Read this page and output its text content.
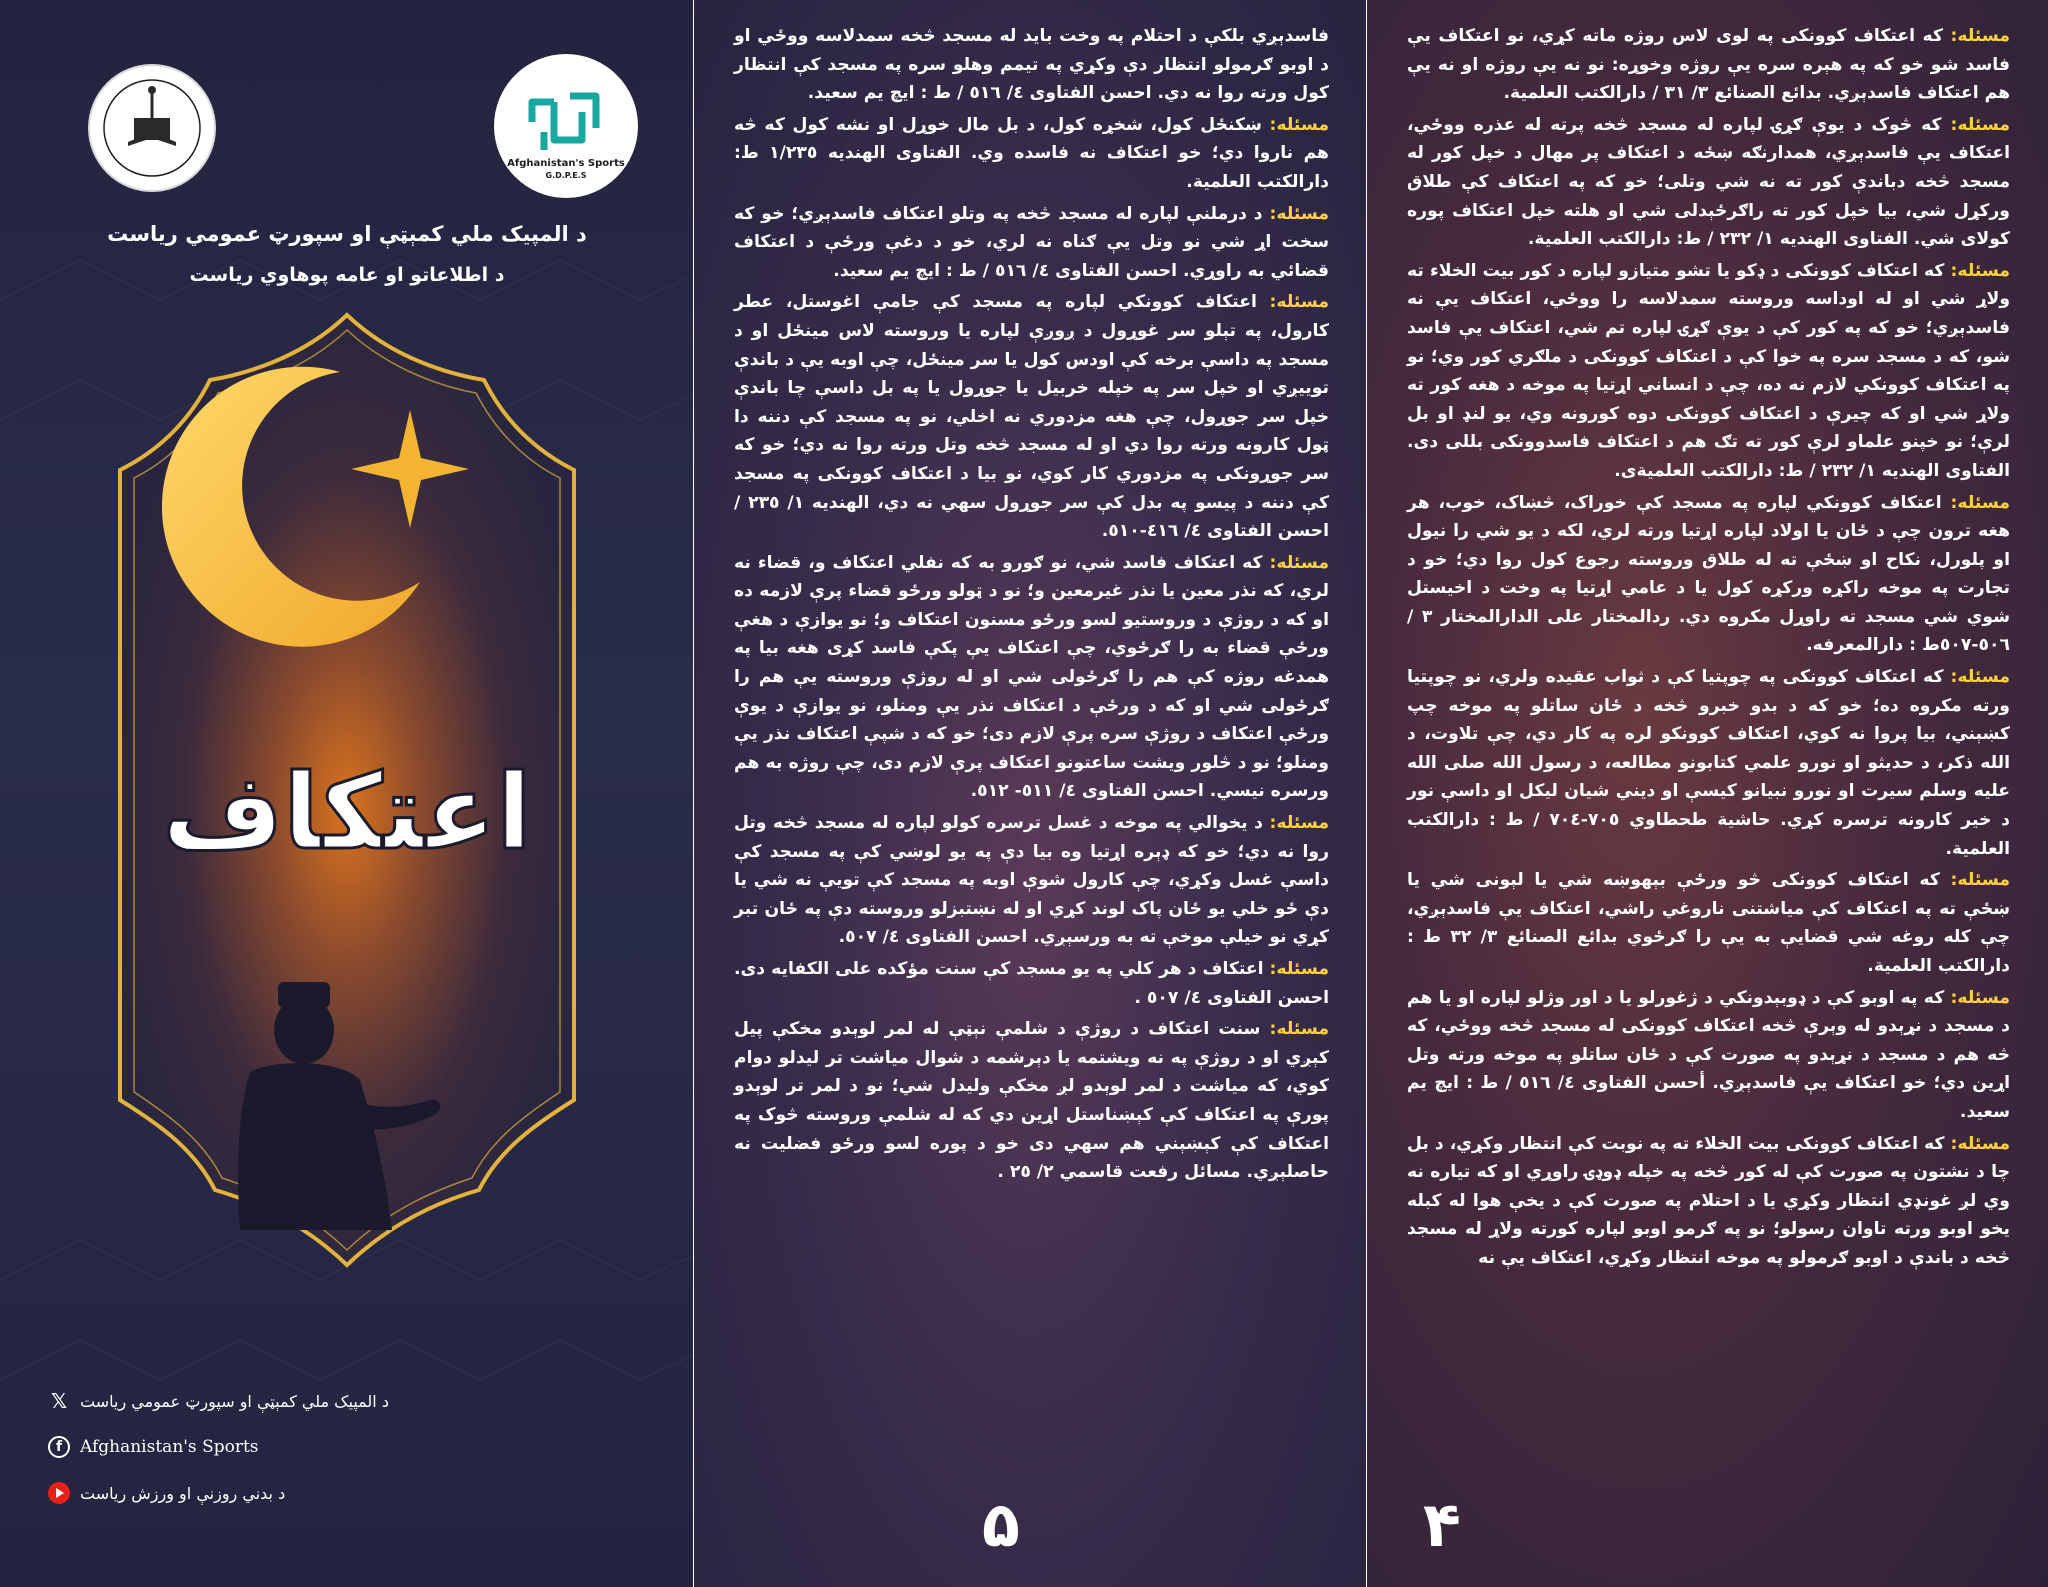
Afghanistan's Sports
G.D.P.E.S
د المپیک ملي کمېټې او سپورټ عمومي رياست
د اطلاعاتو او عامه پوهاوي رياست
اعتکاف
𝕏 د المپیک ملي کمېټې او سپورټ عمومي رياست
f	Afghanistan's Sports
د بدني روزنې او ورزش رياست

فاسدېږي بلکې د احتلام په وخت باید له مسجد څخه سمدلاسه ووځي او د اوبو ګرمولو انتظار دې وکړي په تیمم وهلو سره په مسجد کې انتظار کول ورته روا نه دي. احسن الفتاوی ٤/ ٥١٦ / ط : ایچ یم سعید.

مسئله: ښکنځل کول، شخړه کول، د بل مال خوړل او نشه کول که څه هم ناروا دي؛ خو اعتکاف نه فاسده وي. الفتاوی الهندیه ١/٢٣٥ ط: دارالکتب العلمیة.

مسئله: د درملنې لپاره له مسجد څخه په وتلو اعتکاف فاسدېږي؛ خو که سخت اړ شي نو وتل یې ګناه نه لري، خو د دغې ورځې د اعتکاف قضائي به راوړي. احسن الفتاوی ٤/ ٥١٦ / ط : ایچ یم سعید.

مسئله: اعتکاف کوونکي لپاره په مسجد کې جامې اغوستل، عطر کارول، په تېلو سر غوړول د ږوږې لپاره یا وروسته لاس مینځل او د مسجد په داسې برخه کې اودس کول یا سر مینځل، چې اوبه یې د باندې تويیږي او خپل سر په خپله خربیل یا جوړول یا په بل داسې چا باندې خپل سر جوړول، چې هغه مزدوري نه اخلي، نو په مسجد کې دننه دا ټول کارونه ورته روا دي او له مسجد څخه وتل ورته روا نه دي؛ خو که سر جوړونکی په مزدوري کار کوي، نو بیا د اعتکاف کوونکی په مسجد کې دننه د پیسو په بدل کې سر جوړول سهي نه دي، الهندیه ١/ ٢٣٥ / احسن الفتاوی ٤/ ٤١٦-٥١٠.

مسئله: که اعتکاف فاسد شي، نو ګورو به که نفلي اعتکاف و، قضاء نه لري، که نذر معین یا نذر غیرمعین و؛ نو د ټولو ورځو قضاء پرې لازمه ده او که د روژې د وروستیو لسو ورځو مسنون اعتکاف و؛ نو یوازې د هغې ورځې قضاء به را ګرځوي، چې اعتکاف یې پکې فاسد کړی هغه بیا په همدغه روژه کې هم را ګرځولی شي او له روژې وروسته یې هم را ګرځولی شي او که د ورځې د اعتکاف نذر یې ومنلو، نو یوازې د یوې ورځې اعتکاف د روژې سره پرې لازم دی؛ خو که د شپې اعتکاف نذر یې ومنلو؛ نو د څلور ویشت ساعتونو اعتکاف پرې لازم دی، چې روژه به هم ورسره نیسي. احسن الفتاوی ٤/ ٥١١- ٥١٢.

مسئله: د یخوالي په موخه د غسل ترسره کولو لپاره له مسجد څخه وتل روا نه دي؛ خو که ډېره اړتیا وه بیا دې په یو لوښي کې په مسجد کې داسې غسل وکړي، چې کارول شوې اوبه په مسجد کې تويې نه شي یا دې ځو خلي یو ځان پاک لوند کړي او له نښتبزلو وروسته دې په ځان تبر کړي نو خیلې موخې ته به ورسېږي. احسن الفتاوی ٤/ ٥٠٧.

مسئله: اعتکاف د هر کلي په یو مسجد کې سنت مؤکده علی الکفایه دی. احسن الفتاوی ٤/ ٥٠٧ .

مسئله: سنت اعتکاف د روژې د شلمې نېټې له لمر لوېدو مخکې پیل کېږي او د روژې په نه ویشتمه یا دېرشمه د شوال میاشت تر لیدلو دوام کوي، که میاشت د لمر لوېدو لږ مخکې ولیدل شي؛ نو د لمر تر لوېدو پورې په اعتکاف کې کېښناستل اړین دي که له شلمې وروسته څوک په اعتکاف کې کېښېني هم سهي دی خو د پوره لسو ورځو فضلیت نه حاصلېږي. مسائل رفعت قاسمي ٢/ ٢٥ .

۵

مسئله: که اعتکاف کوونکی په لوی لاس روژه ماته کړي، نو اعتکاف یې فاسد شو خو که په هېره سره یې روژه وخوړه: نو نه یې روژه او نه یې هم اعتکاف فاسدېږي. بدائع الصنائع ٣/ ٣١ / دارالکتب العلمیة.

مسئله: که څوک د یوې ګړۍ لپاره له مسجد څخه پرته له عذره ووځي، اعتکاف یې فاسدېږي، همدارنګه ښځه د اعتکاف پر مهال د خپل کور له مسجد څخه دباندې کور ته نه شي وتلی؛ خو که په اعتکاف کې طلاق ورکړل شي، بیا خپل کور ته راګرځېدلی شي او هلته خپل اعتکاف پوره کولای شي. الفتاوی الهندیه ١/ ٢٣٢ / ط: دارالکتب العلمیة.

مسئله: که اعتکاف کوونکی د ډکو یا تشو متیازو لپاره د کور بیت الخلاء ته ولاړ شي او له اوداسه وروسته سمدلاسه را ووځي، اعتکاف یې نه فاسدېږي؛ خو که په کور کې د یوې ګړۍ لپاره تم شي، اعتکاف یې فاسد شو، که د مسجد سره په خوا کې د اعتکاف کوونکی د ملګري کور وي؛ نو په اعتکاف کوونکي لازم نه ده، چې د انساني اړتیا په موخه د هغه کور ته ولاړ شي او که چیرې د اعتکاف کوونکی دوه کورونه وي، یو لنډ او بل لرې؛ نو خپنو علماو لرې کور ته تګ هم د اعتکاف فاسدوونکی بللی دی. الفتاوی الهندیه ١/ ٢٣٢ / ط: دارالکتب العلمیةی.

مسئله: اعتکاف کوونکي لپاره په مسجد کې خوراک، څښاک، خوب، هر هغه ترون چې د ځان یا اولاد لپاره اړتیا ورته لري، لکه د یو شي را نیول او پلورل، نکاح او ښځې ته له طلاق وروسته رجوع کول روا دي؛ خو د تجارت په موخه راکړه ورکړه کول یا د عامي اړتیا په وخت د اخیستل شوي شي مسجد ته راوړل مکروه دي. ردالمختار علی الدارالمختار ٣ / ٥٠٦-٥٠٧ط : دارالمعرفه.

مسئله: که اعتکاف کوونکی په چوپتیا کې د ثواب عقیده ولري، نو چوپتیا ورته مکروه ده؛ خو که د بدو خبرو څخه د ځان ساتلو په موخه چپ کښېني، بیا پروا نه کوي، اعتکاف کوونکو لره په کار دي، چې تلاوت، د الله ذکر، د حدیثو او نورو علمي کتابونو مطالعه، د رسول الله صلی الله علیه وسلم سیرت او نورو نبیانو کیسې او دیني شیان لیکل او داسې نور د خیر کارونه ترسره کړي. حاشیة طحطاوي ٧٠٥-٧٠٤ / ط : دارالکتب العلمیة.

مسئله: که اعتکاف کوونکی څو ورځې بېهوښه شي یا لېونی شي یا ښځې ته په اعتکاف کې میاشتنی ناروغي راشي، اعتکاف یې فاسدېږي، چې کله روغه شي قضایې به یې را ګرځوي بدائع الصنائع ٣/ ٣٢ ط : دارالکتب العلمیة.

مسئله: که په اوبو کې د ډوبېدونکي د ژغورلو یا د اور وژلو لپاره او یا هم د مسجد د نړېدو له وېرې څخه اعتکاف کوونکی له مسجد څخه ووځي، که څه هم د مسجد د نړېدو په صورت کې د ځان ساتلو په موخه ورته وتل اړین دي؛ خو اعتکاف یې فاسدېږي. أحسن الفتاوی ٤/ ٥١٦ / ط : ایچ یم سعید.

مسئله: که اعتکاف کوونکی بیت الخلاء ته په نوبت کې انتظار وکړي، د بل چا د نشتون په صورت کې له کور څخه په خپله ډوډۍ راوړي او که تیاره نه وي لږ غونډي انتظار وکړي یا د احتلام په صورت کې د یخې هوا له کبله یخو اوبو ورته تاوان رسولو؛ نو په ګرمو اوبو لپاره کورته ولاړ له مسجد څخه د باندې د اوبو ګرمولو په موخه انتظار وکړي، اعتکاف یې نه

۴
